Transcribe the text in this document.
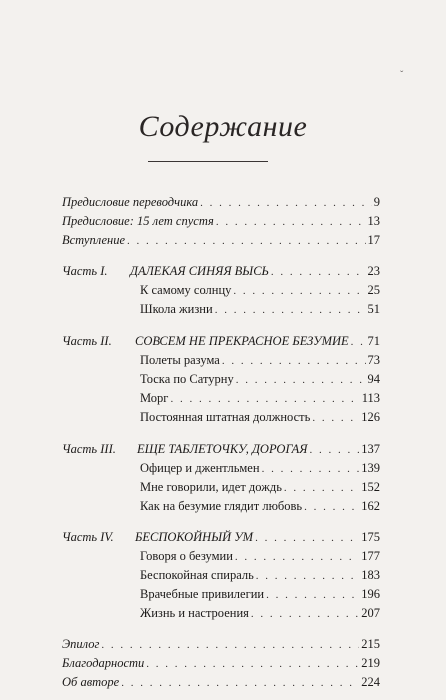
ˇ
Содержание
Предисловие переводчика . . .	9
Предисловие: 15 лет спустя . . .	13
Вступление . . .	17
Часть I. ДАЛЕКАЯ СИНЯЯ ВЫСЬ . . .	23
К самому солнцу . . .	25
Школа жизни . . .	51
Часть II. СОВСЕМ НЕ ПРЕКРАСНОЕ БЕЗУМИЕ . . . 71
Полеты разума . . .	73
Тоска по Сатурну . . .	94
Морг . . .	113
Постоянная штатная должность . . .	126
Часть III. ЕЩЕ ТАБЛЕТОЧКУ, ДОРОГАЯ . . .	137
Офицер и джентльмен . . .	139
Мне говорили, идет дождь . . .	152
Как на безумие глядит любовь . . .	162
Часть IV. БЕСПОКОЙНЫЙ УМ . . .	175
Говоря о безумии . . .	177
Беспокойная спираль . . .	183
Врачебные привилегии . . .	196
Жизнь и настроения . . .	207
Эпилог . . .	215
Благодарности . . .	219
Об авторе . . .	224
